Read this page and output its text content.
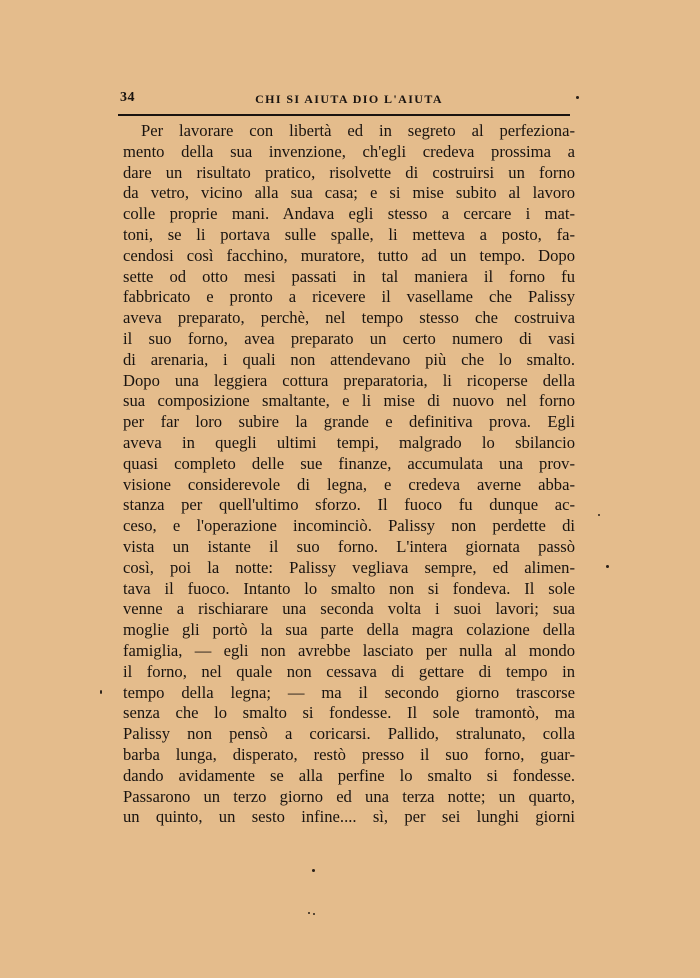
34	CHI SI AIUTA DIO L'AIUTA
Per lavorare con libertà ed in segreto al perfeziona-
mento della sua invenzione, ch'egli credeva prossima a
dare un risultato pratico, risolvette di costruirsi un forno
da vetro, vicino alla sua casa; e si mise subito al lavoro
colle proprie mani. Andava egli stesso a cercare i mat-
toni, se li portava sulle spalle, li metteva a posto, fa-
cendosi così facchino, muratore, tutto ad un tempo. Dopo
sette od otto mesi passati in tal maniera il forno fu
fabbricato e pronto a ricevere il vasellame che Palissy
aveva preparato, perchè, nel tempo stesso che costruiva
il suo forno, avea preparato un certo numero di vasi
di arenaria, i quali non attendevano più che lo smalto.
Dopo una leggiera cottura preparatoria, li ricoperse della
sua composizione smaltante, e li mise di nuovo nel forno
per far loro subire la grande e definitiva prova. Egli
aveva in quegli ultimi tempi, malgrado lo sbilancio
quasi completo delle sue finanze, accumulata una prov-
visione considerevole di legna, e credeva averne abba-
stanza per quell'ultimo sforzo. Il fuoco fu dunque ac-
ceso, e l'operazione incominciò. Palissy non perdette di
vista un istante il suo forno. L'intera giornata passò
così, poi la notte: Palissy vegliava sempre, ed alimen-
tava il fuoco. Intanto lo smalto non si fondeva. Il sole
venne a rischiarare una seconda volta i suoi lavori; sua
moglie gli portò la sua parte della magra colazione della
famiglia, — egli non avrebbe lasciato per nulla al mondo
il forno, nel quale non cessava di gettare di tempo in
tempo della legna; — ma il secondo giorno trascorse
senza che lo smalto si fondesse. Il sole tramontò, ma
Palissy non pensò a coricarsi. Pallido, stralunato, colla
barba lunga, disperato, restò presso il suo forno, guar-
dando avidamente se alla perfine lo smalto si fondesse.
Passarono un terzo giorno ed una terza notte; un quarto,
un quinto, un sesto infine.... sì, per sei lunghi giorni
